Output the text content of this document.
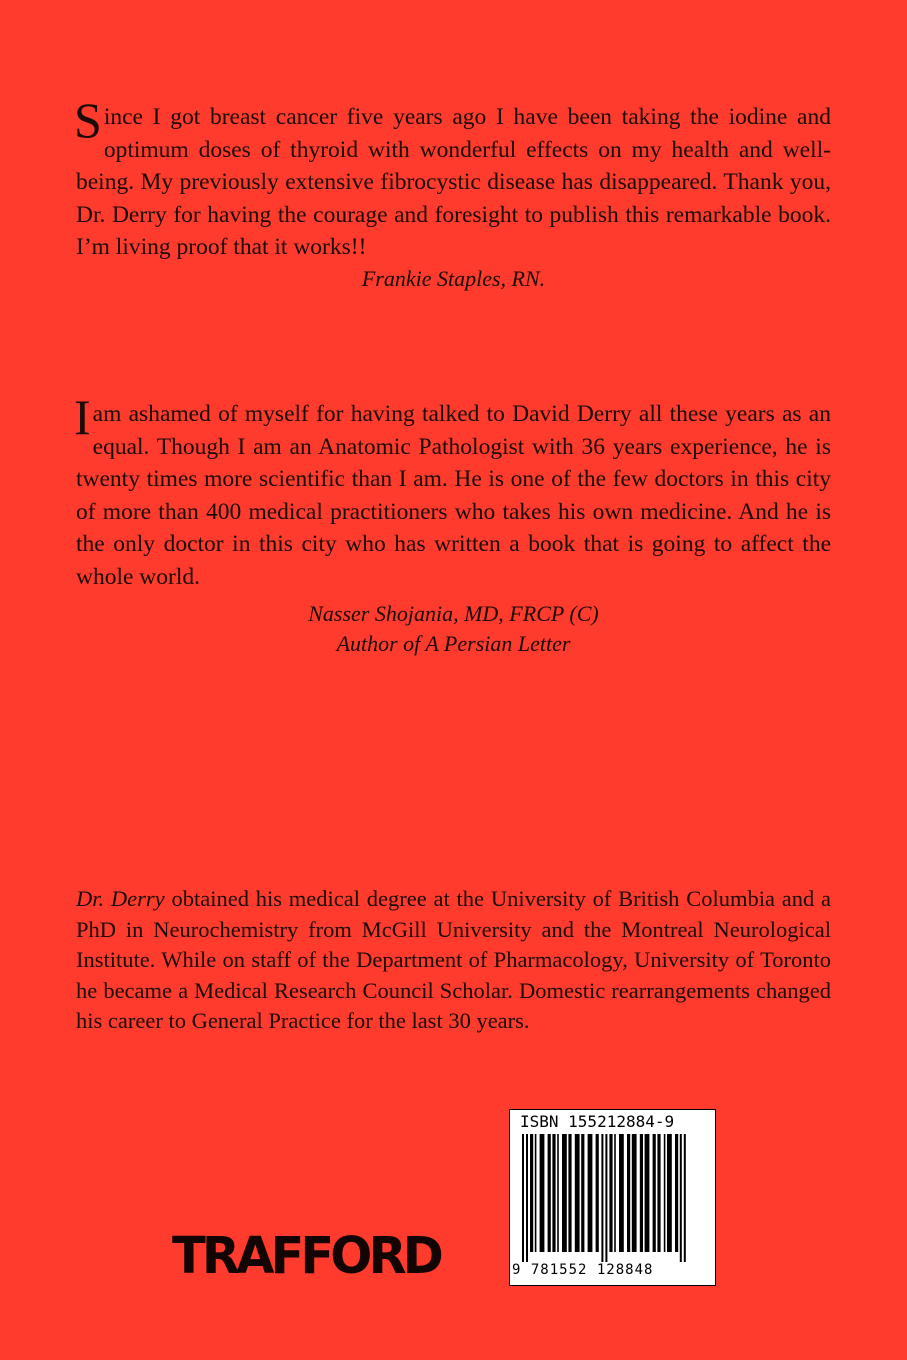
Since I got breast cancer five years ago I have been taking the iodine and optimum doses of thyroid with wonderful effects on my health and well-being. My previously extensive fibrocystic disease has disappeared. Thank you, Dr. Derry for having the courage and foresight to publish this remarkable book. I’m living proof that it works!!

Frankie Staples, RN.

I am ashamed of myself for having talked to David Derry all these years as an equal. Though I am an Anatomic Pathologist with 36 years experience, he is twenty times more scientific than I am. He is one of the few doctors in this city of more than 400 medical practitioners who takes his own medicine. And he is the only doctor in this city who has written a book that is going to affect the whole world.

Nasser Shojania, MD, FRCP (C)

Author of A Persian Letter

Dr. Derry obtained his medical degree at the University of British Columbia and a PhD in Neurochemistry from McGill University and the Montreal Neurological Institute. While on staff of the Department of Pharmacology, University of Toronto he became a Medical Research Council Scholar. Domestic rearrangements changed his career to General Practice for the last 30 years.

TRAFFORD
ISBN 155212884-9
9 781552 128848
